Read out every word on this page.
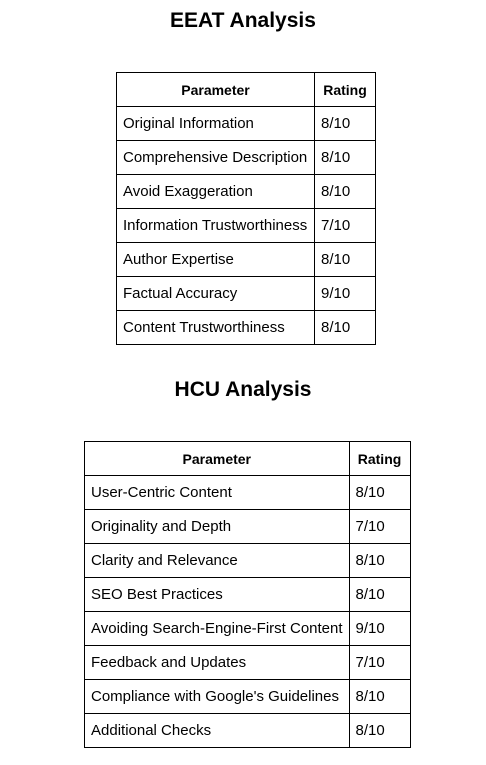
EEAT Analysis
Parameter	Rating
Original Information	8/10
Comprehensive Description	8/10
Avoid Exaggeration	8/10
Information Trustworthiness	7/10
Author Expertise	8/10
Factual Accuracy	9/10
Content Trustworthiness	8/10
HCU Analysis
Parameter	Rating
User-Centric Content	8/10
Originality and Depth	7/10
Clarity and Relevance	8/10
SEO Best Practices	8/10
Avoiding Search-Engine-First Content	9/10
Feedback and Updates	7/10
Compliance with Google's Guidelines	8/10
Additional Checks	8/10
